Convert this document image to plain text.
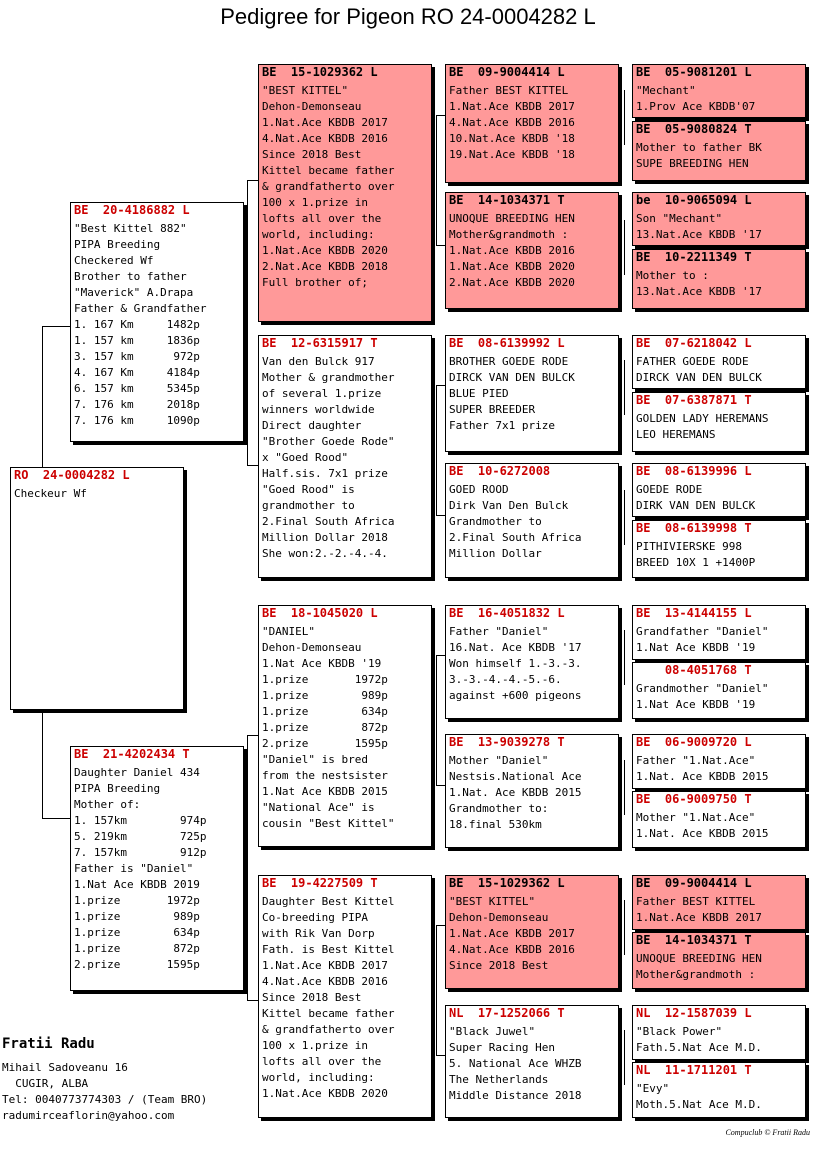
Pedigree for Pigeon RO 24-0004282 L
RO  24-0004282 L
Checkeur Wf
BE  20-4186882 L
"Best Kittel 882"
PIPA Breeding
Checkered Wf
Brother to father
"Maverick" A.Drapa
Father & Grandfather
1. 167 Km     1482p
1. 157 km     1836p
3. 157 km      972p
4. 167 Km     4184p
6. 157 km     5345p
7. 176 km     2018p
7. 176 km     1090p
BE  21-4202434 T
Daughter Daniel 434
PIPA Breeding
Mother of:
1. 157km        974p
5. 219km        725p
7. 157km        912p
Father is "Daniel"
1.Nat Ace KBDB 2019
1.prize       1972p
1.prize        989p
1.prize        634p
1.prize        872p
2.prize       1595p
BE  15-1029362 L
"BEST KITTEL"
Dehon-Demonseau
1.Nat.Ace KBDB 2017
4.Nat.Ace KBDB 2016
Since 2018 Best
Kittel became father
& grandfatherto over
100 x 1.prize in
lofts all over the
world, including:
1.Nat.Ace KBDB 2020
2.Nat.Ace KBDB 2018
Full brother of;
BE  12-6315917 T
Van den Bulck 917
Mother & grandmother
of several 1.prize
winners worldwide
Direct daughter
"Brother Goede Rode"
x "Goed Rood"
Half.sis. 7x1 prize
"Goed Rood" is
grandmother to
2.Final South Africa
Million Dollar 2018
She won:2.-2.-4.-4.
BE  18-1045020 L
"DANIEL"
Dehon-Demonseau
1.Nat Ace KBDB '19
1.prize       1972p
1.prize        989p
1.prize        634p
1.prize        872p
2.prize       1595p
"Daniel" is bred
from the nestsister
1.Nat Ace KBDB 2015
"National Ace" is
cousin "Best Kittel"
BE  19-4227509 T
Daughter Best Kittel
Co-breeding PIPA
with Rik Van Dorp
Fath. is Best Kittel
1.Nat.Ace KBDB 2017
4.Nat.Ace KBDB 2016
Since 2018 Best
Kittel became father
& grandfatherto over
100 x 1.prize in
lofts all over the
world, including:
1.Nat.Ace KBDB 2020
BE  09-9004414 L
Father BEST KITTEL
1.Nat.Ace KBDB 2017
4.Nat.Ace KBDB 2016
10.Nat.Ace KBDB '18
19.Nat.Ace KBDB '18
BE  14-1034371 T
UNOQUE BREEDING HEN
Mother&grandmoth :
1.Nat.Ace KBDB 2016
1.Nat.Ace KBDB 2020
2.Nat.Ace KBDB 2020
BE  08-6139992 L
BROTHER GOEDE RODE
DIRCK VAN DEN BULCK
BLUE PIED
SUPER BREEDER
Father 7x1 prize
BE  10-6272008
GOED ROOD
Dirk Van Den Bulck
Grandmother to
2.Final South Africa
Million Dollar
BE  16-4051832 L
Father "Daniel"
16.Nat. Ace KBDB '17
Won himself 1.-3.-3.
3.-3.-4.-4.-5.-6.
against +600 pigeons
BE  13-9039278 T
Mother "Daniel"
Nestsis.National Ace
1.Nat. Ace KBDB 2015
Grandmother to:
18.final 530km
BE  15-1029362 L
"BEST KITTEL"
Dehon-Demonseau
1.Nat.Ace KBDB 2017
4.Nat.Ace KBDB 2016
Since 2018 Best
NL  17-1252066 T
"Black Juwel"
Super Racing Hen
5. National Ace WHZB
The Netherlands
Middle Distance 2018
BE  05-9081201 L
"Mechant"
1.Prov Ace KBDB'07
BE  05-9080824 T
Mother to father BK
SUPE BREEDING HEN
be  10-9065094 L
Son "Mechant"
13.Nat.Ace KBDB '17
BE  10-2211349 T
Mother to :
13.Nat.Ace KBDB '17
BE  07-6218042 L
FATHER GOEDE RODE
DIRCK VAN DEN BULCK
BE  07-6387871 T
GOLDEN LADY HEREMANS
LEO HEREMANS
BE  08-6139996 L
GOEDE RODE
DIRK VAN DEN BULCK
BE  08-6139998 T
PITHIVIERSKE 998
BREED 10X 1 +1400P
BE  13-4144155 L
Grandfather "Daniel"
1.Nat Ace KBDB '19
08-4051768 T
Grandmother "Daniel"
1.Nat Ace KBDB '19
BE  06-9009720 L
Father "1.Nat.Ace"
1.Nat. Ace KBDB 2015
BE  06-9009750 T
Mother "1.Nat.Ace"
1.Nat. Ace KBDB 2015
BE  09-9004414 L
Father BEST KITTEL
1.Nat.Ace KBDB 2017
BE  14-1034371 T
UNOQUE BREEDING HEN
Mother&grandmoth :
NL  12-1587039 L
"Black Power"
Fath.5.Nat Ace M.D.
NL  11-1711201 T
"Evy"
Moth.5.Nat Ace M.D.
Fratii Radu
Mihail Sadoveanu 16
CUGIR, ALBA
Tel: 0040773774303 / (Team BRO)
radumirceaflorin@yahoo.com
Compuclub © Fratii Radu
